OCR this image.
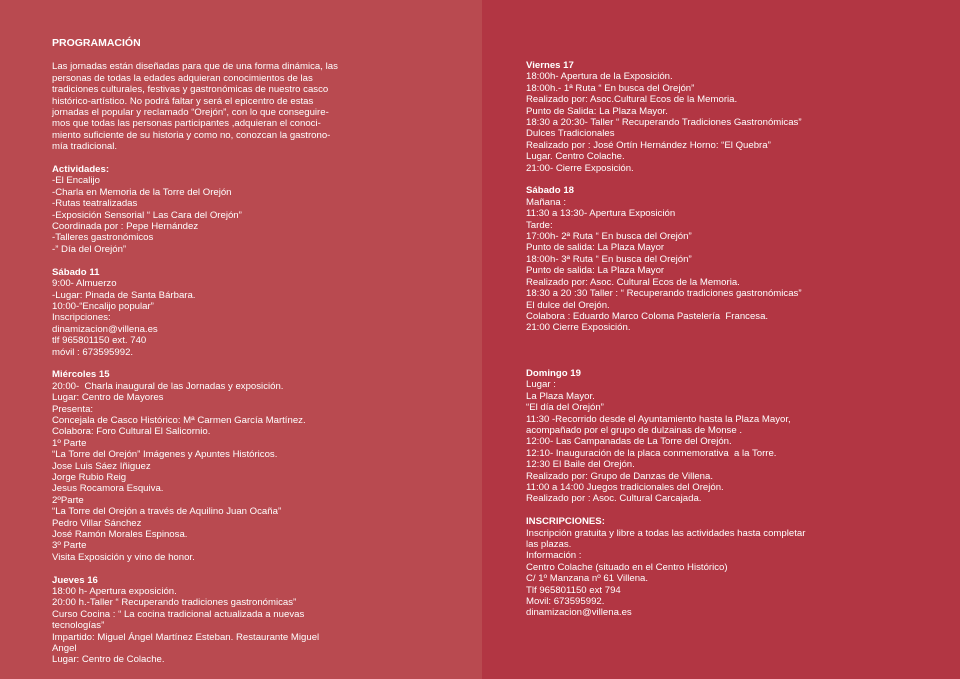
PROGRAMACIÓN
Las jornadas están diseñadas para que de una forma dinámica, las
personas de todas la edades adquieran conocimientos de las
tradiciones culturales, festivas y gastronómicas de nuestro casco
histórico-artístico. No podrá faltar y será el epicentro de estas
jornadas el popular y reclamado “Orejón”, con lo que conseguire-
mos que todas las personas participantes ,adquieran el conoci-
miento suficiente de su historia y como no, conozcan la gastrono-
mía tradicional.
Actividades:
-El Encalijo
-Charla en Memoria de la Torre del Orejón
-Rutas teatralizadas
-Exposición Sensorial “ Las Cara del Orejón”
Coordinada por : Pepe Hernández
-Talleres gastronómicos
-” Día del Orejón”
Sábado 11
9:00- Almuerzo
-Lugar: Pinada de Santa Bárbara.
10:00-“Encalijo popular”
Inscripciones:
dinamizacion@villena.es
tlf 965801150 ext. 740
móvil : 673595992.
Miércoles 15
20:00-  Charla inaugural de las Jornadas y exposición.
Lugar: Centro de Mayores
Presenta:
Concejala de Casco Histórico: Mª Carmen García Martínez.
Colabora: Foro Cultural El Salicornio.
1º Parte
“La Torre del Orejón” Imágenes y Apuntes Históricos.
Jose Luis Sáez Iñiguez
Jorge Rubio Reig
Jesus Rocamora Esquiva.
2ºParte
“La Torre del Orejón a través de Aquilino Juan Ocaña”
Pedro Villar Sánchez
José Ramón Morales Espinosa.
3º Parte
Visita Exposición y vino de honor.
Jueves 16
18:00 h- Apertura exposición.
20:00 h.-Taller “ Recuperando tradiciones gastronómicas”
Curso Cocina : “ La cocina tradicional actualizada a nuevas
tecnologías”
Impartido: Miguel Ángel Martínez Esteban. Restaurante Miguel
Angel
Lugar: Centro de Colache.
Viernes 17
18:00h- Apertura de la Exposición.
18:00h.- 1ª Ruta “ En busca del Orejón”
Realizado por: Asoc.Cultural Ecos de la Memoria.
Punto de Salida: La Plaza Mayor.
18:30 a 20:30- Taller “ Recuperando Tradiciones Gastronómicas”
Dulces Tradicionales
Realizado por : José Ortín Hernández Horno: “El Quebra”
Lugar. Centro Colache.
21:00- Cierre Exposición.
Sábado 18
Mañana :
11:30 a 13:30- Apertura Exposición
Tarde:
17:00h- 2ª Ruta “ En busca del Orejón”
Punto de salida: La Plaza Mayor
18:00h- 3ª Ruta “ En busca del Orejón”
Punto de salida: La Plaza Mayor
Realizado por: Asoc. Cultural Ecos de la Memoria.
18:30 a 20 :30 Taller : “ Recuperando tradiciones gastronómicas”
El dulce del Orejón.
Colabora : Eduardo Marco Coloma Pastelería  Francesa.
21:00 Cierre Exposición.

Domingo 19
Lugar :
La Plaza Mayor.
“El día del Orejón”
11:30 -Recorrido desde el Ayuntamiento hasta la Plaza Mayor,
acompañado por el grupo de dulzainas de Monse .
12:00- Las Campanadas de La Torre del Orejón.
12:10- Inauguración de la placa conmemorativa  a la Torre.
12:30 El Baile del Orejón.
Realizado por: Grupo de Danzas de Villena.
11:00 a 14:00 Juegos tradicionales del Orejón.
Realizado por : Asoc. Cultural Carcajada.
INSCRIPCIONES:
Inscripción gratuita y libre a todas las actividades hasta completar
las plazas.
Información :
Centro Colache (situado en el Centro Histórico)
C/ 1º Manzana nº 61 Villena.
Tlf 965801150 ext 794
Movil: 673595992.
dinamizacion@villena.es
